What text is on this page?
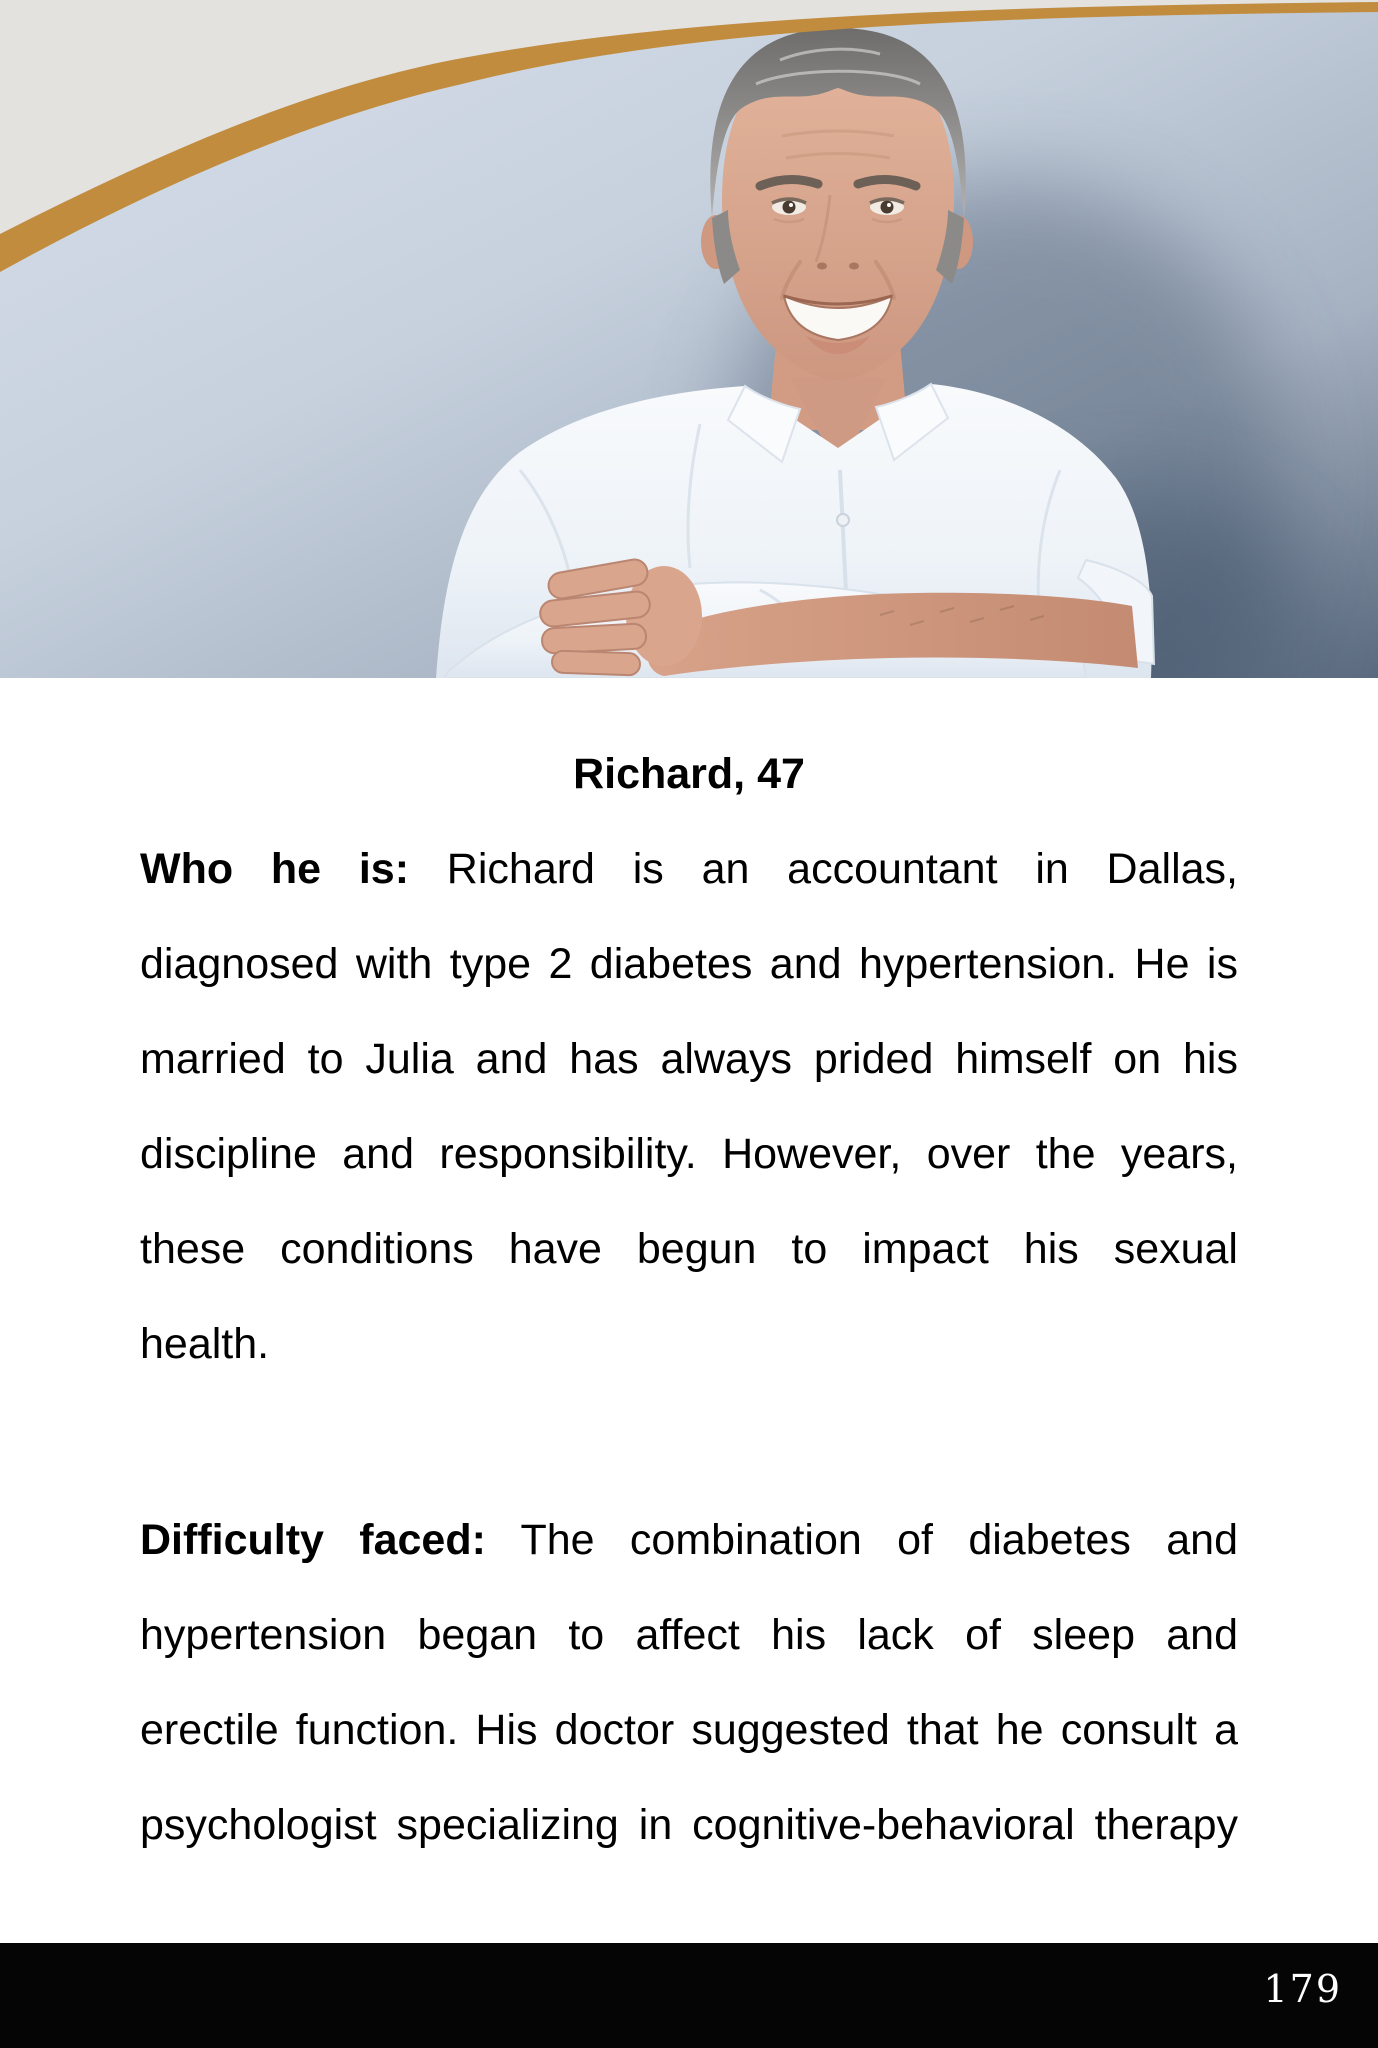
Richard, 47
Who he is: Richard is an accountant in Dallas,
diagnosed with type 2 diabetes and hypertension. He is
married to Julia and has always prided himself on his
discipline and responsibility. However, over the years,
these conditions have begun to impact his sexual
health.
Difficulty faced: The combination of diabetes and
hypertension began to affect his lack of sleep and
erectile function. His doctor suggested that he consult a
psychologist specializing in cognitive-behavioral therapy
179
